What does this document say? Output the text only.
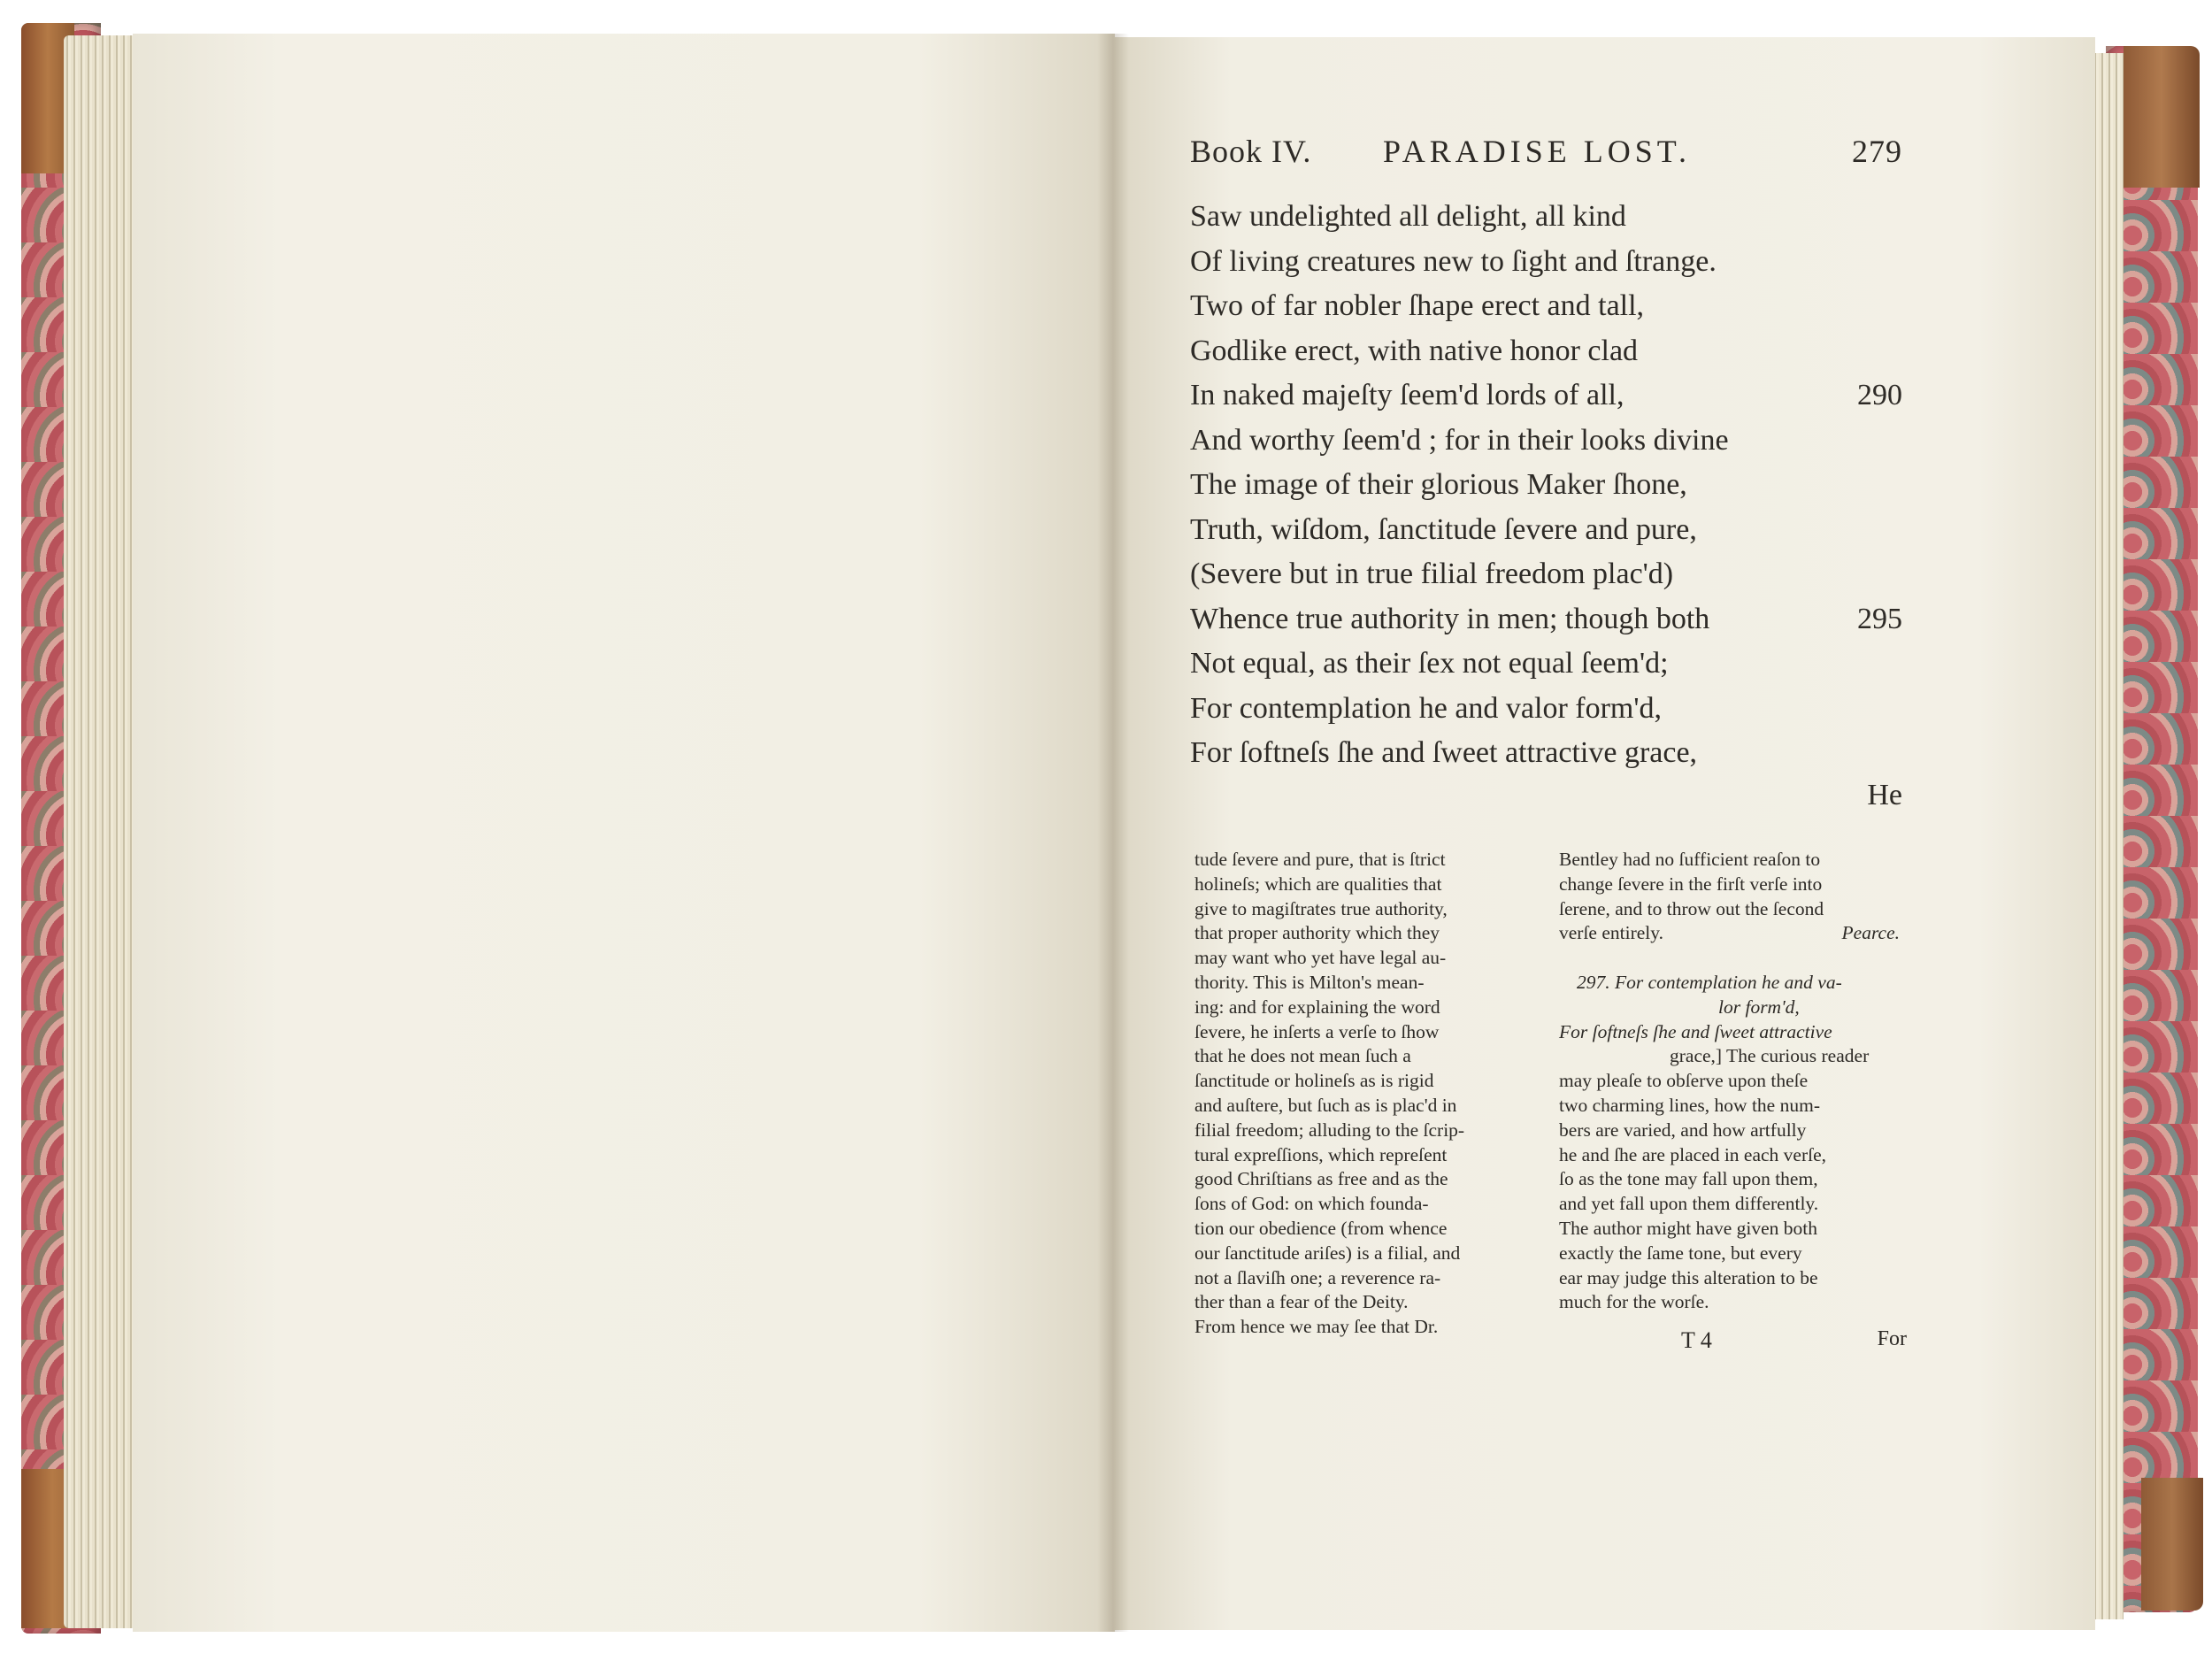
Book IV. PARADISE LOST.	279
Saw undelighted all delight, all kind
Of living creatures new to ſight and ſtrange.
Two of far nobler ſhape erect and tall,
Godlike erect, with native honor clad
In naked majeſty ſeem'd lords of all,	290
And worthy ſeem'd ; for in their looks divine
The image of their glorious Maker ſhone,
Truth, wiſdom, ſanctitude ſevere and pure,
(Severe but in true filial freedom plac'd)
Whence true authority in men; though both	295
Not equal, as their ſex not equal ſeem'd;
For contemplation he and valor form'd,
For ſoftneſs ſhe and ſweet attractive grace,
He
tude ſevere and pure, that is ſtrict
holineſs; which are qualities that
give to magiſtrates true authority,
that proper authority which they
may want who yet have legal au-
thority. This is Milton's mean-
ing: and for explaining the word
ſevere, he inſerts a verſe to ſhow
that he does not mean ſuch a
ſanctitude or holineſs as is rigid
and auſtere, but ſuch as is plac'd in
filial freedom; alluding to the ſcrip-
tural expreſſions, which repreſent
good Chriſtians as free and as the
ſons of God: on which founda-
tion our obedience (from whence
our ſanctitude ariſes) is a filial, and
not a ſlaviſh one; a reverence ra-
ther than a fear of the Deity.
From hence we may ſee that Dr.
Bentley had no ſufficient reaſon to
change ſevere in the firſt verſe into
ſerene, and to throw out the ſecond
verſe entirely.	Pearce.
297. For contemplation he and va-
lor form'd,
For ſoftneſs ſhe and ſweet attractive
grace,] The curious reader
may pleaſe to obſerve upon theſe
two charming lines, how the num-
bers are varied, and how artfully
he and ſhe are placed in each verſe,
ſo as the tone may fall upon them,
and yet fall upon them differently.
The author might have given both
exactly the ſame tone, but every
ear may judge this alteration to be
much for the worſe.
T 4	For
